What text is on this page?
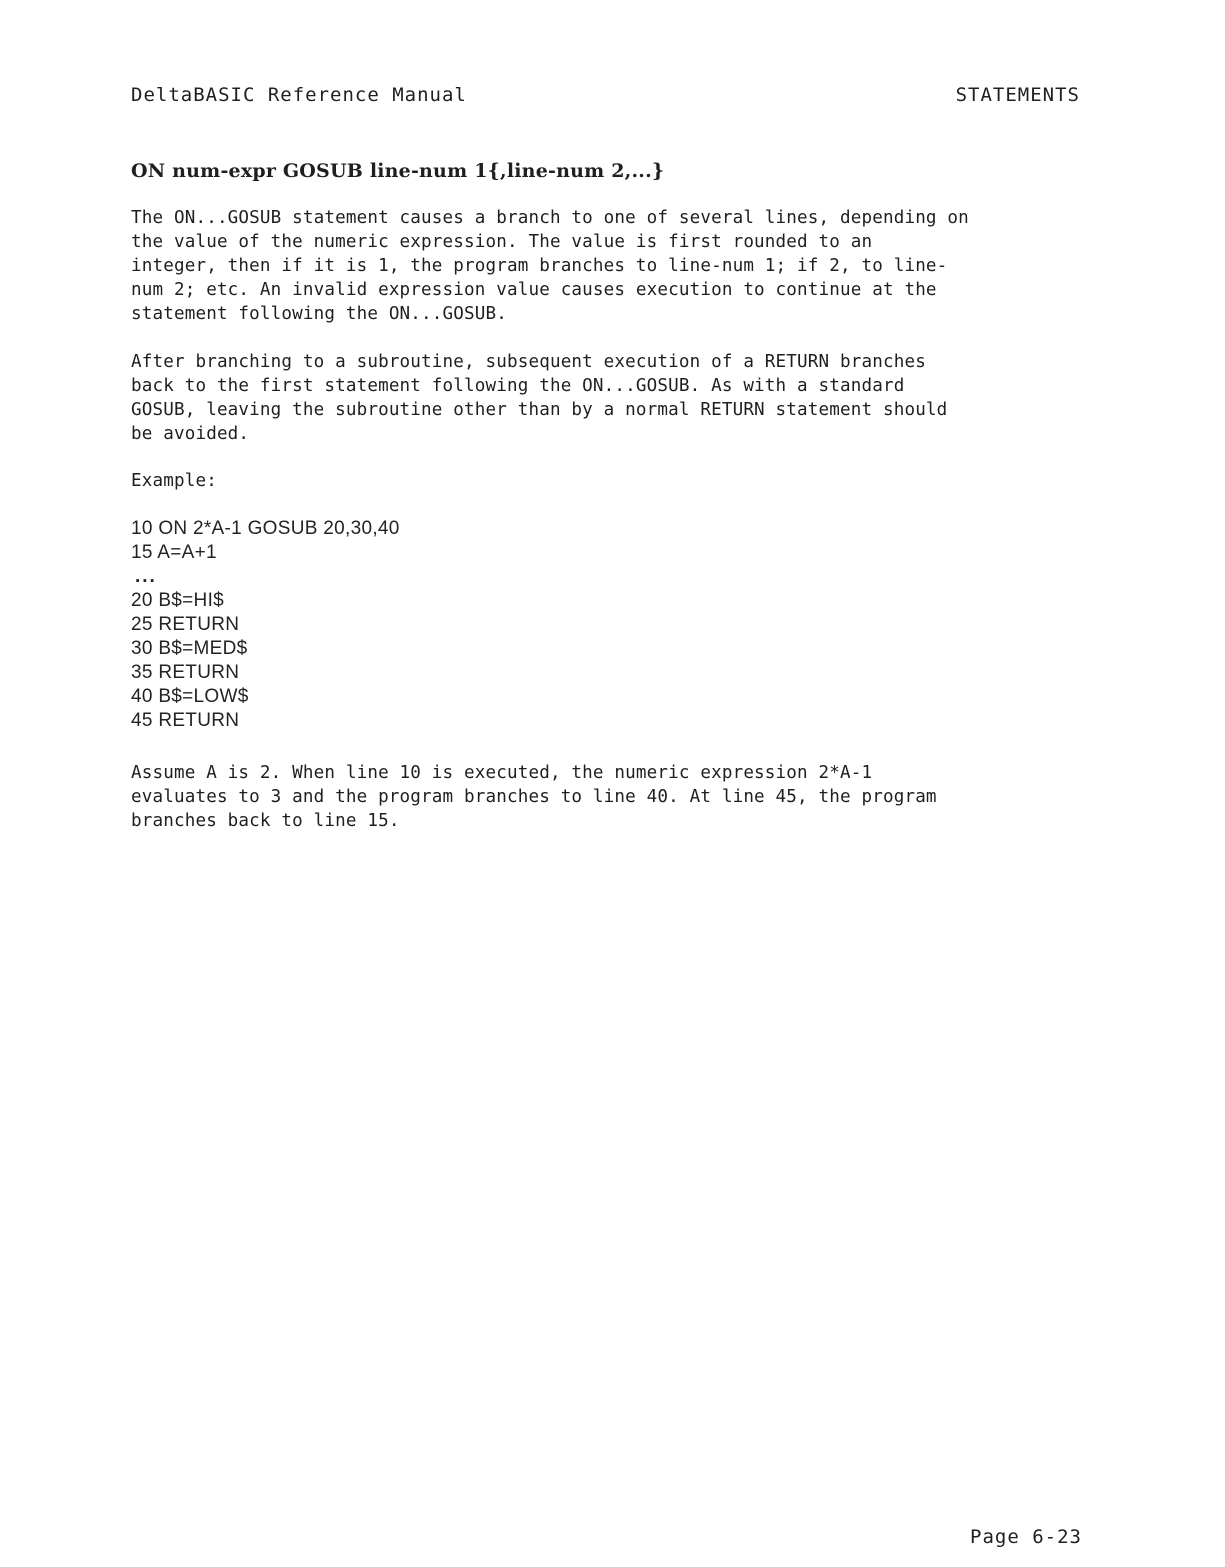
DeltaBASIC Reference Manual	STATEMENTS
ON num-expr GOSUB line-num 1{,line-num 2,...}

The ON...GOSUB statement causes a branch to one of several lines, depending on
the value of the numeric expression. The value is first rounded to an
integer, then if it is 1, the program branches to line-num 1; if 2, to line-
num 2; etc. An invalid expression value causes execution to continue at the
statement following the ON...GOSUB.

After branching to a subroutine, subsequent execution of a RETURN branches
back to the first statement following the ON...GOSUB. As with a standard
GOSUB, leaving the subroutine other than by a normal RETURN statement should
be avoided.

Example:

10 ON 2*A-1 GOSUB 20,30,40
15 A=A+1
...
20 B$=HI$
25 RETURN
30 B$=MED$
35 RETURN
40 B$=LOW$
45 RETURN

Assume A is 2. When line 10 is executed, the numeric expression 2*A-1
evaluates to 3 and the program branches to line 40. At line 45, the program
branches back to line 15.

Page 6-23
